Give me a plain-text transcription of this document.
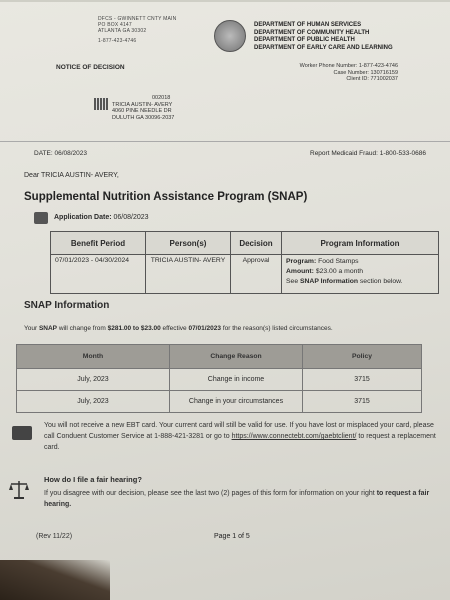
DFCS - GWINNETT CNTY MAIN
PO BOX 4147
ATLANTA GA 30302
1-877-423-4746
DEPARTMENT OF HUMAN SERVICES
DEPARTMENT OF COMMUNITY HEALTH
DEPARTMENT OF PUBLIC HEALTH
DEPARTMENT OF EARLY CARE AND LEARNING
NOTICE OF DECISION	Worker Phone Number: 1-877-423-4746
Case Number: 130716159
Client ID: 771002037
002018
TRICIA AUSTIN- AVERY
4060 PINE NEEDLE DR
DULUTH GA 30096-2037
DATE: 06/08/2023	Report Medicaid Fraud: 1-800-533-0686
Dear TRICIA AUSTIN- AVERY,
Supplemental Nutrition Assistance Program (SNAP)
Application Date: 06/08/2023
Benefit Period	Person(s)	Decision	Program Information
07/01/2023 - 04/30/2024	TRICIA AUSTIN- AVERY	Approval	Program: Food Stamps
Amount: $23.00 a month
See SNAP Information section below.
SNAP Information
Your SNAP will change from $281.00 to $23.00 effective 07/01/2023 for the reason(s) listed circumstances.
Month	Change Reason	Policy
July, 2023	Change in income	3715
July, 2023	Change in your circumstances	3715
You will not receive a new EBT card. Your current card will still be valid for use. If you have lost or misplaced your card, please call Conduent Customer Service at 1-888-421-3281 or go to https://www.connectebt.com/gaebtclient/ to request a replacement card.
How do I file a fair hearing?
If you disagree with our decision, please see the last two (2) pages of this form for information on your right to request a fair hearing.
(Rev 11/22)	Page 1 of 5
